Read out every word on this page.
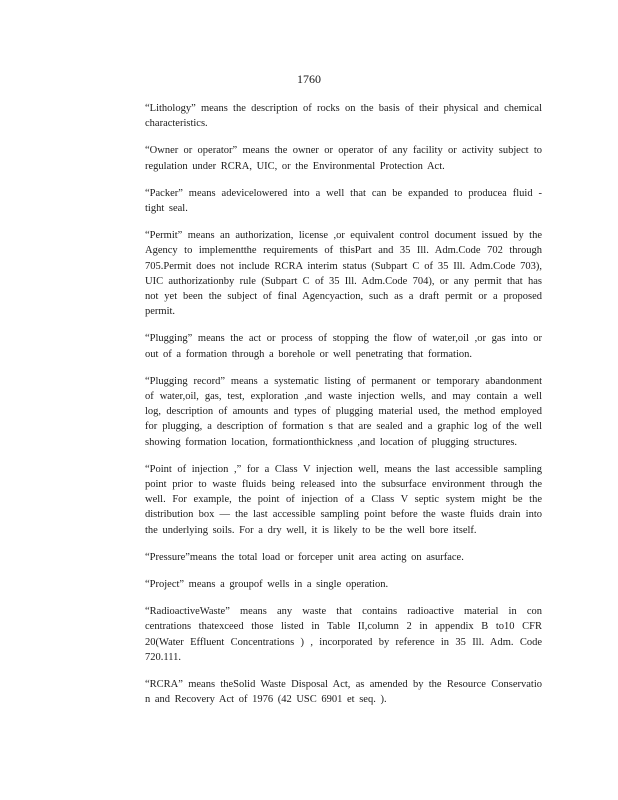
1760

“Lithology” means the description of rocks on the basis of their physical and chemical characteristics.

“Owner or operator” means the owner or operator of any facility or activity subject to regulation under RCRA, UIC, or the Environmental Protection Act.

“Packer” means adevicelowered into a well that can be expanded to producea fluid -tight seal.

“Permit” means an authorization, license ,or equivalent control document issued by the Agency to implementthe requirements of thisPart and 35 Ill. Adm.Code 702 through 705.Permit does not include RCRA interim status (Subpart C of 35 Ill. Adm.Code 703), UIC authorizationby rule (Subpart C of 35 Ill. Adm.Code 704), or any permit that has not yet been the subject of final Agencyaction, such as a draft permit or a proposed permit.

“Plugging” means the act or process of stopping the flow of water,oil ,or gas into or out of a formation through a borehole or well penetrating that formation.

“Plugging record” means a systematic listing of permanent or temporary abandonment of water,oil, gas, test, exploration ,and waste injection wells, and may contain a well log, description of amounts and types of plugging material used, the method employed for plugging, a description of formation s that are sealed and a graphic log of the well showing formation location, formationthickness ,and location of plugging structures.

“Point of injection ,” for a Class V injection well, means the last accessible sampling point prior to waste fluids being released into the subsurface environment through the well. For example, the point of injection of a Class V septic system might be the distribution box — the last accessible sampling point before the waste fluids drain into the underlying soils. For a dry well, it is likely to be the well bore itself.

“Pressure”means the total load or forceper unit area acting on asurface.

“Project” means a groupof wells in a single operation.

“RadioactiveWaste” means any waste that contains radioactive material in con centrations thatexceed those listed in Table II,column 2 in appendix B to10 CFR 20(Water Effluent Concentrations ) , incorporated by reference in 35 Ill. Adm. Code 720.111.

“RCRA” means theSolid Waste Disposal Act, as amended by the Resource Conservatio n and Recovery Act of 1976 (42 USC 6901 et seq. ).
